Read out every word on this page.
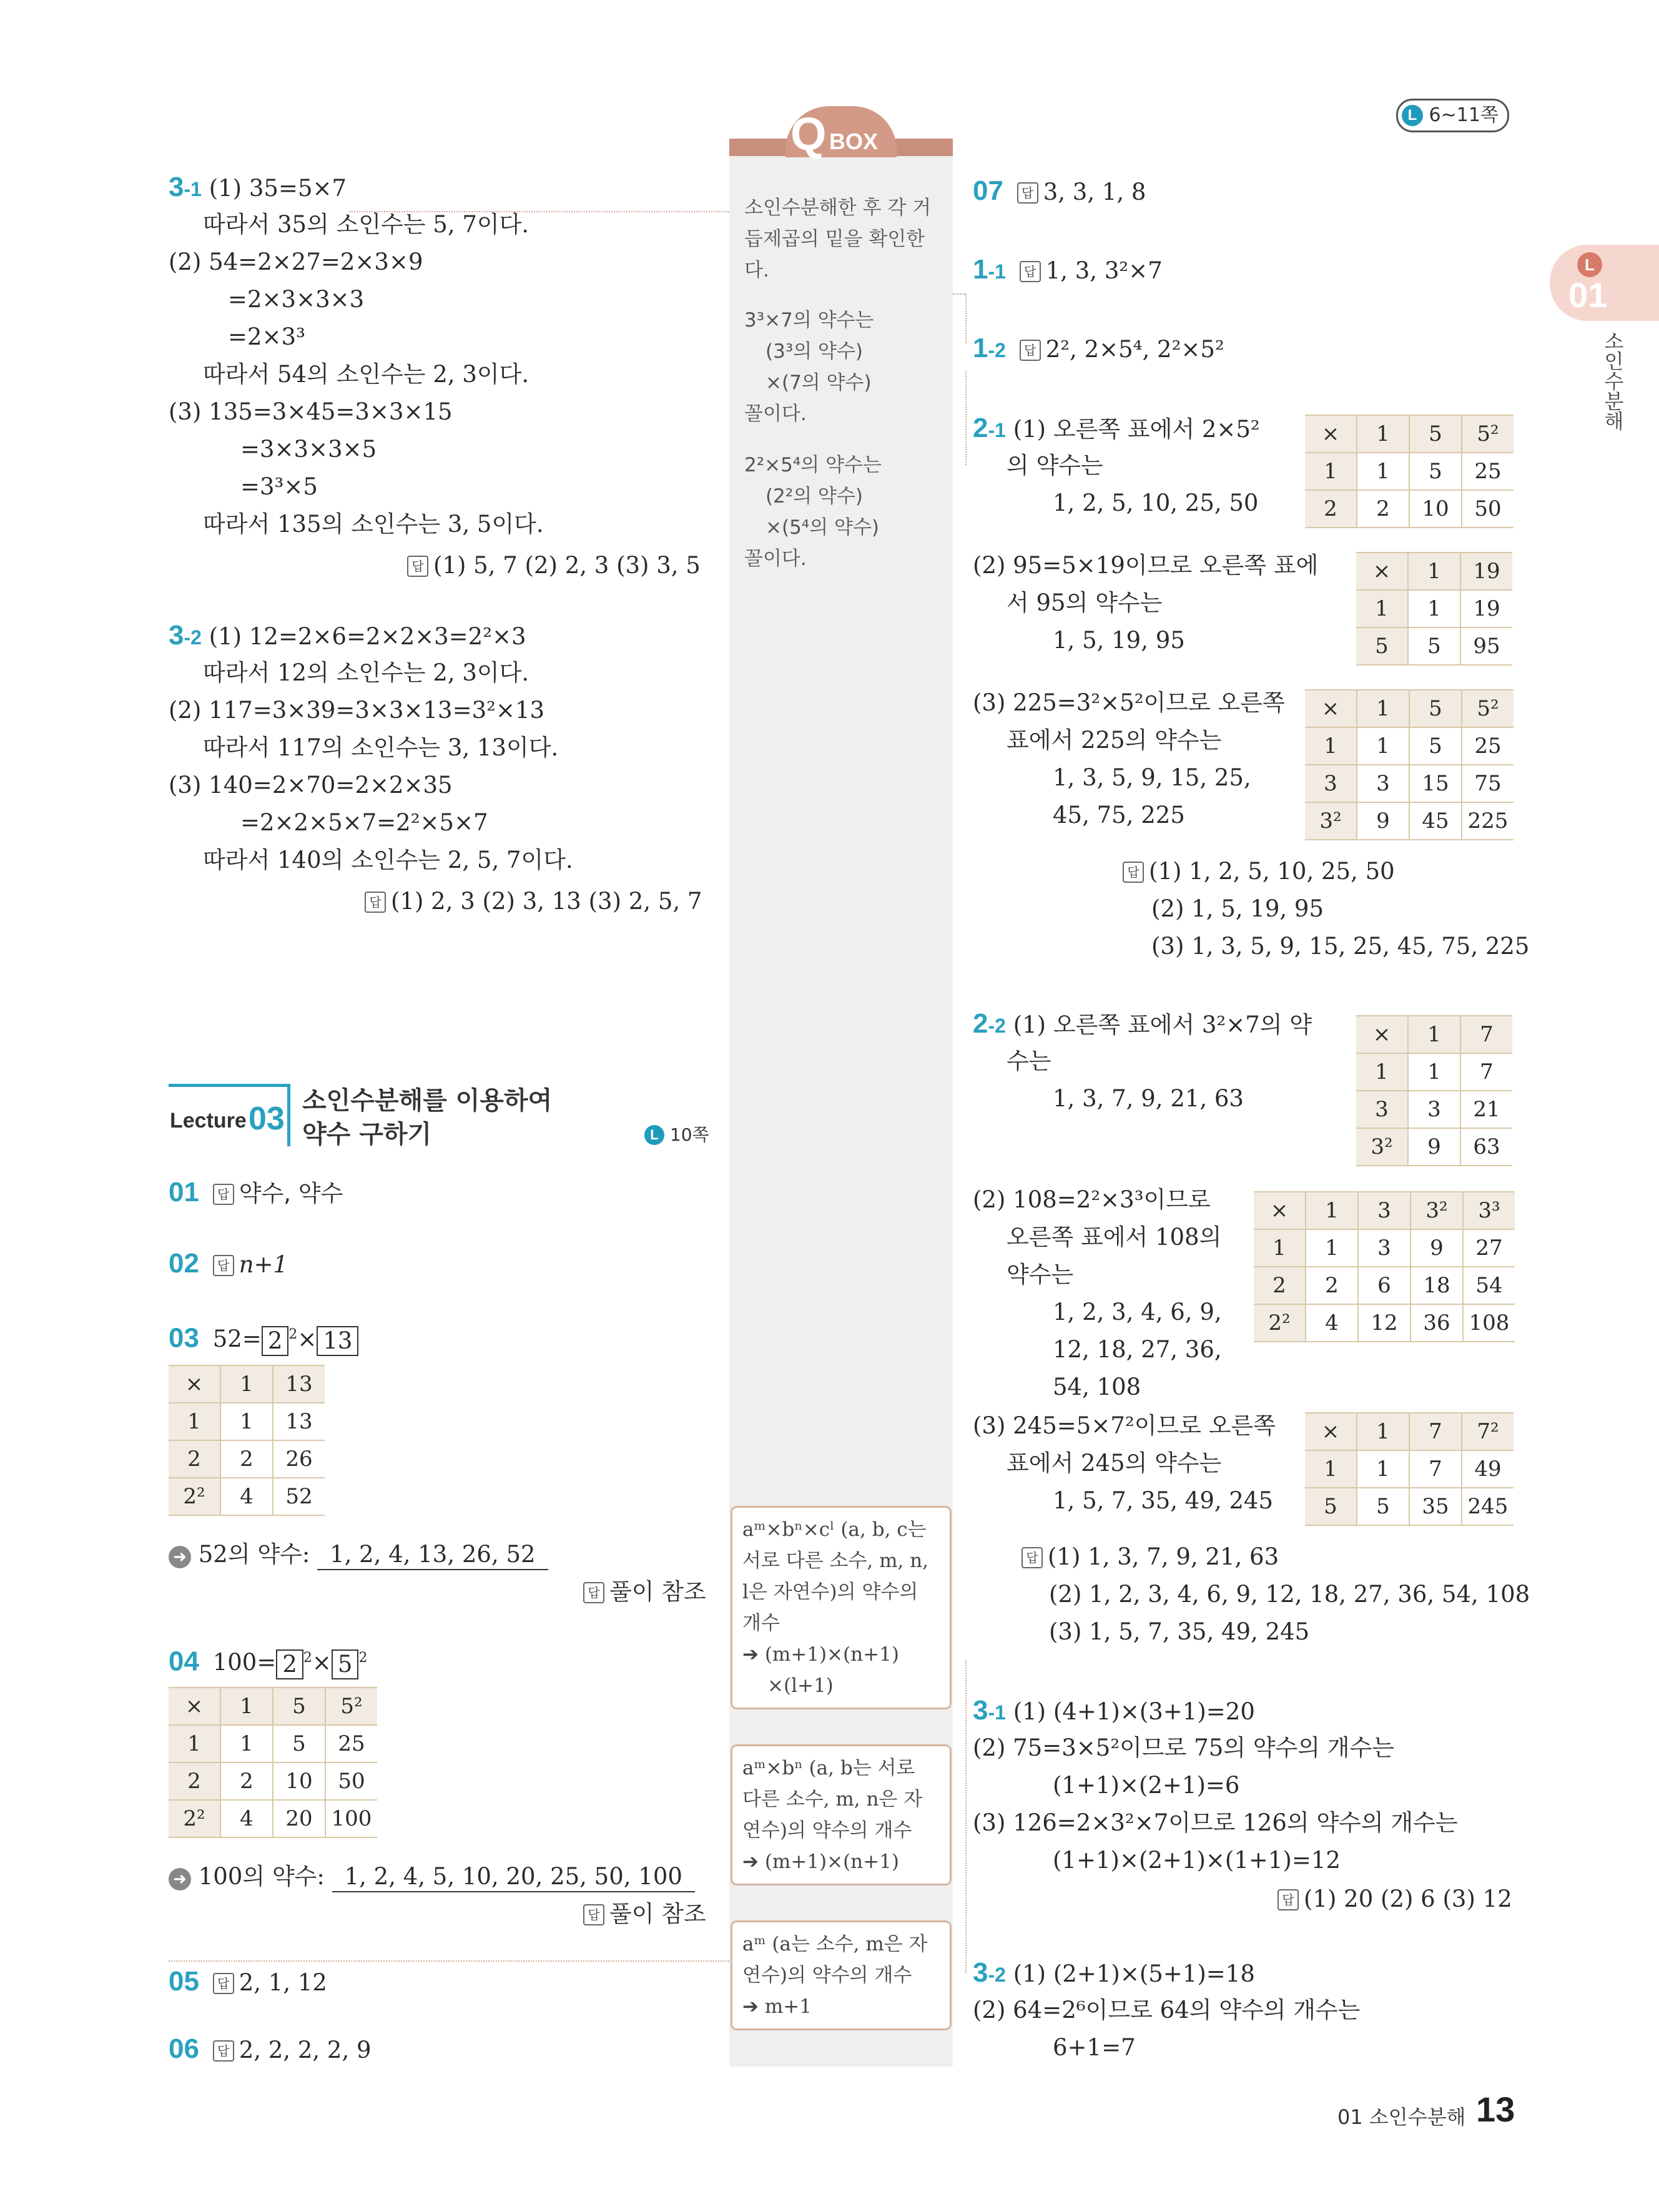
L 6~11쪽
L
01
소인수분해
Q BOX
소인수분해한 후 각 거듭제곱의 밑을 확인한다.
3³×7의 약수는
(3³의 약수)
×(7의 약수)
꼴이다.
2²×5⁴의 약수는
(2²의 약수)
×(5⁴의 약수)
꼴이다.
aᵐ×bⁿ×cˡ (a, b, c는
서로 다른 소수, m, n,
l은 자연수)의 약수의
개수
➔ (m+1)×(n+1)
×(l+1)
aᵐ×bⁿ (a, b는 서로
다른 소수, m, n은 자
연수)의 약수의 개수
➔ (m+1)×(n+1)
aᵐ (a는 소수, m은 자
연수)의 약수의 개수
➔ m+1
3-1 (1) 35=5×7
따라서 35의 소인수는 5, 7이다.
(2) 54=2×27=2×3×9
=2×3×3×3
=2×3³
따라서 54의 소인수는 2, 3이다.
(3) 135=3×45=3×3×15
=3×3×3×5
=3³×5
따라서 135의 소인수는 3, 5이다.
답 (1) 5, 7 (2) 2, 3 (3) 3, 5
3-2 (1) 12=2×6=2×2×3=2²×3
따라서 12의 소인수는 2, 3이다.
(2) 117=3×39=3×3×13=3²×13
따라서 117의 소인수는 3, 13이다.
(3) 140=2×70=2×2×35
=2×2×5×7=2²×5×7
따라서 140의 소인수는 2, 5, 7이다.
답 (1) 2, 3 (2) 3, 13 (3) 2, 5, 7
Lecture 03 소인수분해를 이용하여
약수 구하기	L 10쪽
01 답 약수, 약수
02 답 n+1
03 52= 2 $^2$× 13
×	1	13
1	1	13
2	2	26
2²	4	52
➜ 52의 약수: 1, 2, 4, 13, 26, 52
답 풀이 참조
04 100= 2 $^2$× 5 $^2$
×	1	5	5²
1	1	5	25
2	2	10	50
2²	4	20	100
➜ 100의 약수: 1, 2, 4, 5, 10, 20, 25, 50, 100
답 풀이 참조
05 답 2, 1, 12
06 답 2, 2, 2, 2, 9
07 답 3, 3, 1, 8
1-1 답 1, 3, 3²×7
1-2 답 2², 2×5⁴, 2²×5²
2-1 (1) 오른쪽 표에서 2×5²
의 약수는
1, 2, 5, 10, 25, 50
×	1	5	5²
1	1	5	25
2	2	10	50
(2) 95=5×19이므로 오른쪽 표에
서 95의 약수는
1, 5, 19, 95
×	1	19
1	1	19
5	5	95
(3) 225=3²×5²이므로 오른쪽
표에서 225의 약수는
1, 3, 5, 9, 15, 25,
45, 75, 225
×	1	5	5²
1	1	5	25
3	3	15	75
3²	9	45	225
답 (1) 1, 2, 5, 10, 25, 50
(2) 1, 5, 19, 95
(3) 1, 3, 5, 9, 15, 25, 45, 75, 225
2-2 (1) 오른쪽 표에서 3²×7의 약
수는
1, 3, 7, 9, 21, 63
×	1	7
1	1	7
3	3	21
3²	9	63
(2) 108=2²×3³이므로
오른쪽 표에서 108의
약수는
1, 2, 3, 4, 6, 9,
12, 18, 27, 36,
54, 108
×	1	3	3²	3³
1	1	3	9	27
2	2	6	18	54
2²	4	12	36	108
(3) 245=5×7²이므로 오른쪽
표에서 245의 약수는
1, 5, 7, 35, 49, 245
×	1	7	7²
1	1	7	49
5	5	35	245
답 (1) 1, 3, 7, 9, 21, 63
(2) 1, 2, 3, 4, 6, 9, 12, 18, 27, 36, 54, 108
(3) 1, 5, 7, 35, 49, 245
3-1 (1) (4+1)×(3+1)=20
(2) 75=3×5²이므로 75의 약수의 개수는
(1+1)×(2+1)=6
(3) 126=2×3²×7이므로 126의 약수의 개수는
(1+1)×(2+1)×(1+1)=12
답 (1) 20 (2) 6 (3) 12
3-2 (1) (2+1)×(5+1)=18
(2) 64=2⁶이므로 64의 약수의 개수는
6+1=7
01 소인수분해 13
